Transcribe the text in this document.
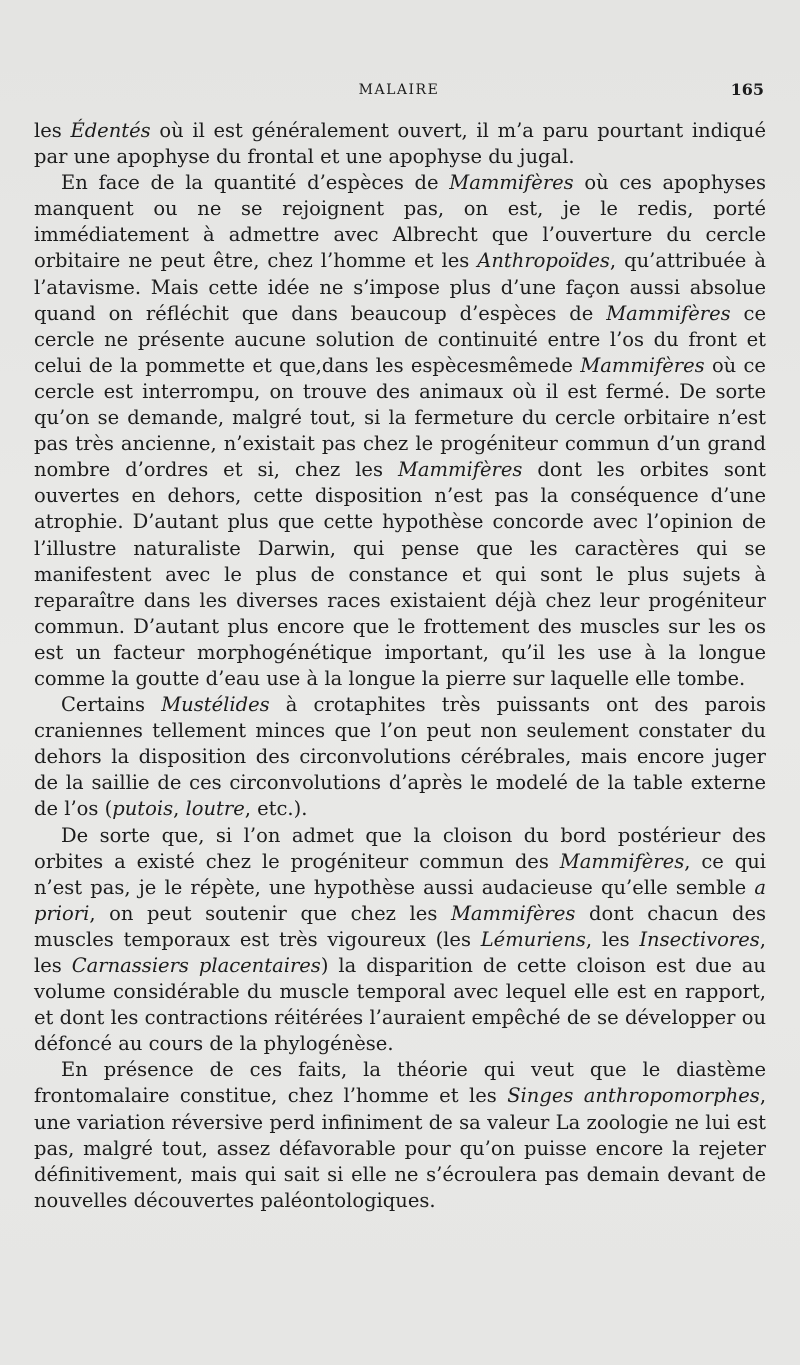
MALAIRE	165

les Édentés où il est généralement ouvert, il m’a paru pourtant indiqué par une apophyse du frontal et une apophyse du jugal.

En face de la quantité d’espèces de Mammifères où ces apophyses manquent ou ne se rejoignent pas, on est, je le redis, porté immédiatement à admettre avec Albrecht que l’ouverture du cercle orbitaire ne peut être, chez l’homme et les Anthropoïdes, qu’attribuée à l’atavisme. Mais cette idée ne s’impose plus d’une façon aussi absolue quand on réfléchit que dans beaucoup d’espèces de Mammifères ce cercle ne présente aucune solution de continuité entre l’os du front et celui de la pommette et que,dans les espècesmêmede Mammifères où ce cercle est interrompu, on trouve des animaux où il est fermé. De sorte qu’on se demande, malgré tout, si la fermeture du cercle orbitaire n’est pas très ancienne, n’existait pas chez le progéniteur commun d’un grand nombre d’ordres et si, chez les Mammifères dont les orbites sont ouvertes en dehors, cette disposition n’est pas la conséquence d’une atrophie. D’autant plus que cette hypothèse concorde avec l’opinion de l’illustre naturaliste Darwin, qui pense que les caractères qui se manifestent avec le plus de constance et qui sont le plus sujets à reparaître dans les diverses races existaient déjà chez leur progéniteur commun. D’autant plus encore que le frottement des muscles sur les os est un facteur morphogénétique important, qu’il les use à la longue comme la goutte d’eau use à la longue la pierre sur laquelle elle tombe.

Certains Mustélides à crotaphites très puissants ont des parois craniennes tellement minces que l’on peut non seulement constater du dehors la disposition des circonvolutions cérébrales, mais encore juger de la saillie de ces circonvolutions d’après le modelé de la table externe de l’os (putois, loutre, etc.).

De sorte que, si l’on admet que la cloison du bord postérieur des orbites a existé chez le progéniteur commun des Mammifères, ce qui n’est pas, je le répète, une hypothèse aussi audacieuse qu’elle semble a priori, on peut soutenir que chez les Mammifères dont chacun des muscles temporaux est très vigoureux (les Lémuriens, les Insectivores, les Carnassiers placentaires) la disparition de cette cloison est due au volume considérable du muscle temporal avec lequel elle est en rapport, et dont les contractions réitérées l’auraient empêché de se développer ou défoncé au cours de la phylogénèse.

En présence de ces faits, la théorie qui veut que le diastème frontomalaire constitue, chez l’homme et les Singes anthropomorphes, une variation réversive perd infiniment de sa valeur La zoologie ne lui est pas, malgré tout, assez défavorable pour qu’on puisse encore la rejeter définitivement, mais qui sait si elle ne s’écroulera pas demain devant de nouvelles découvertes paléontologiques.
